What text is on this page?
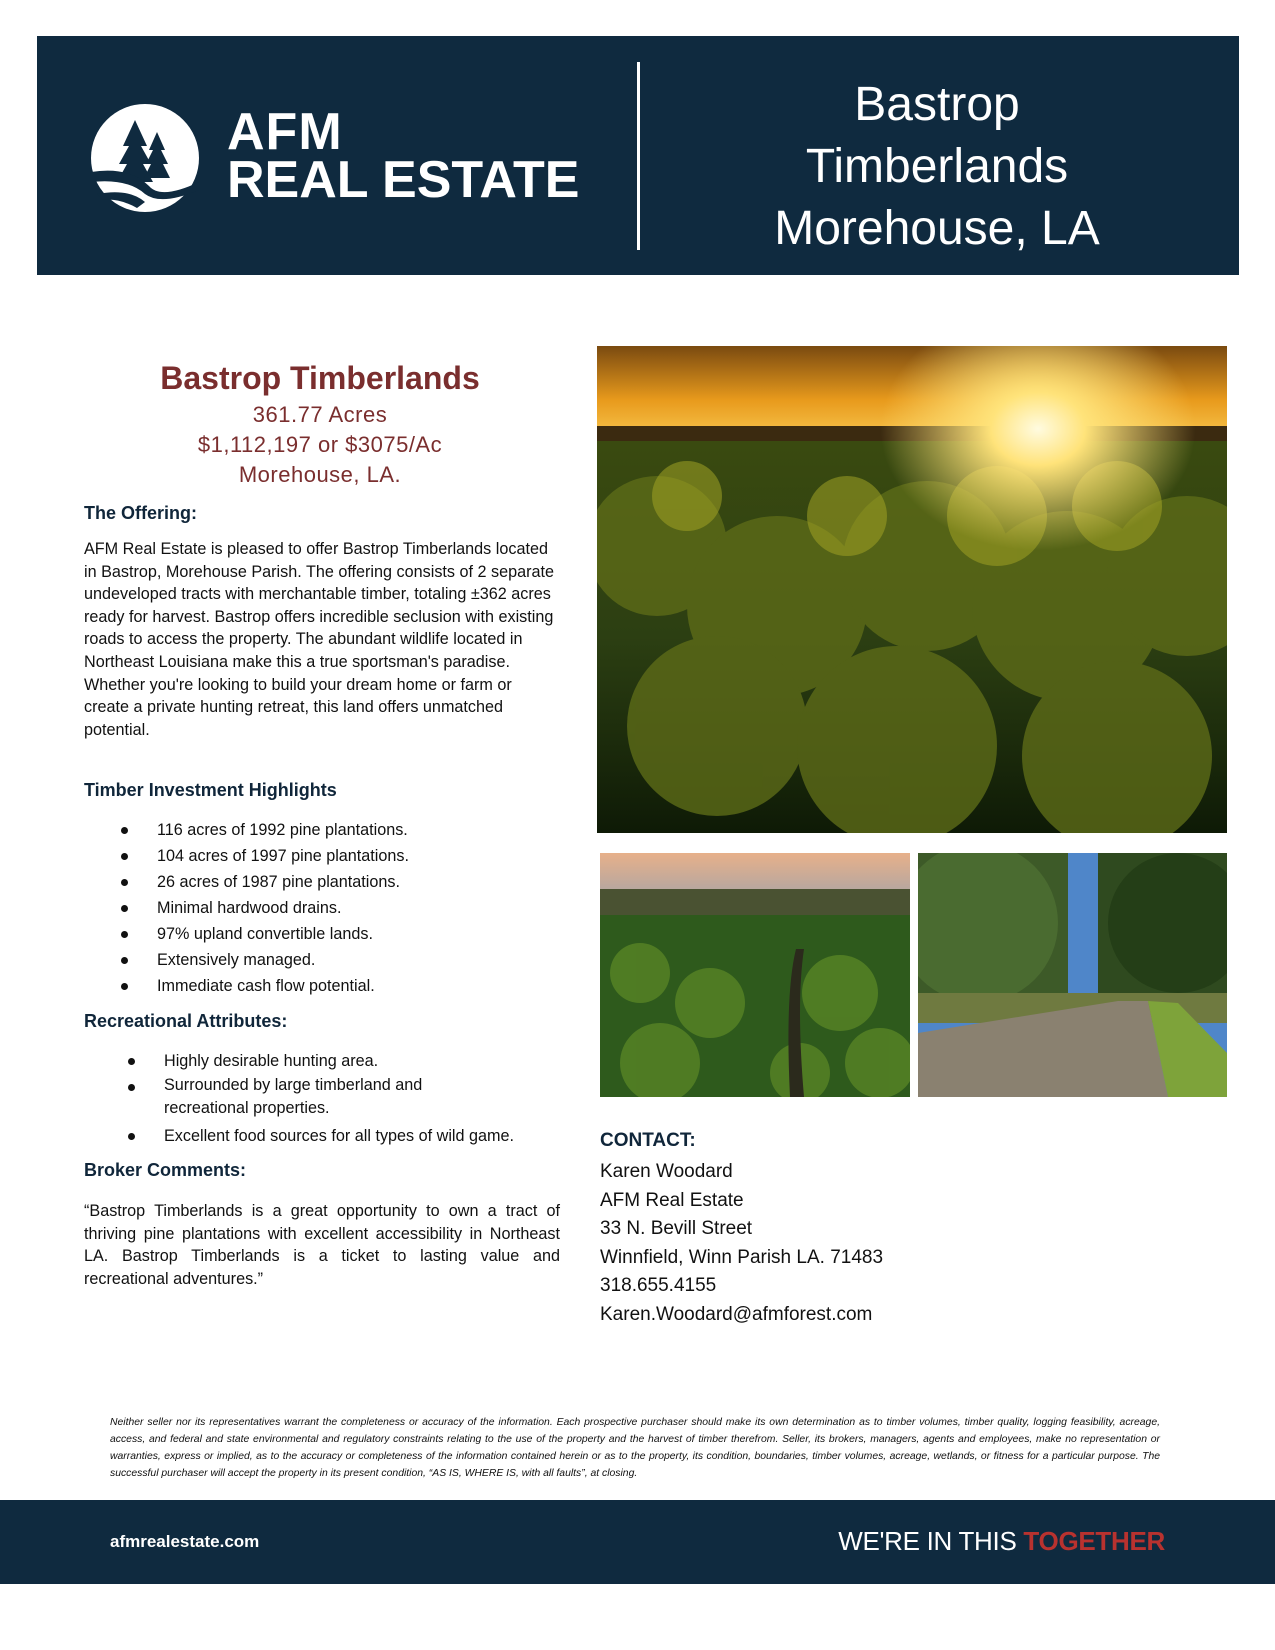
AFM
REAL ESTATE
Bastrop
Timberlands
Morehouse, LA
Bastrop Timberlands
361.77 Acres
$1,112,197 or $3075/Ac
Morehouse, LA.
The Offering:
AFM Real Estate is pleased to offer Bastrop Timberlands located in Bastrop, Morehouse Parish. The offering consists of 2 separate undeveloped tracts with merchantable timber, totaling ±362 acres ready for harvest. Bastrop offers incredible seclusion with existing roads to access the property. The abundant wildlife located in Northeast Louisiana make this a true sportsman's paradise. Whether you're looking to build your dream home or farm or create a private hunting retreat, this land offers unmatched potential.
Timber Investment Highlights
116 acres of 1992 pine plantations.
104 acres of 1997 pine plantations.
26 acres of 1987 pine plantations.
Minimal hardwood drains.
97% upland convertible lands.
Extensively managed.
Immediate cash flow potential.
Recreational Attributes:
Highly desirable hunting area.
Surrounded by large timberland and recreational properties.
Excellent food sources for all types of wild game.
Broker Comments:
“Bastrop Timberlands is a great opportunity to own a tract of thriving pine plantations with excellent accessibility in Northeast LA. Bastrop Timberlands is a ticket to lasting value and recreational adventures.”
CONTACT:
Karen Woodard
AFM Real Estate
33 N. Bevill Street
Winnfield, Winn Parish LA. 71483
318.655.4155
Karen.Woodard@afmforest.com
Neither seller nor its representatives warrant the completeness or accuracy of the information. Each prospective purchaser should make its own determination as to timber volumes, timber quality, logging feasibility, acreage, access, and federal and state environmental and regulatory constraints relating to the use of the property and the harvest of timber therefrom. Seller, its brokers, managers, agents and employees, make no representation or warranties, express or implied, as to the accuracy or completeness of the information contained herein or as to the property, its condition, boundaries, timber volumes, acreage, wetlands, or fitness for a particular purpose. The successful purchaser will accept the property in its present condition, “AS IS, WHERE IS, with all faults”, at closing.
afmrealestate.com	WE'RE IN THIS TOGETHER
